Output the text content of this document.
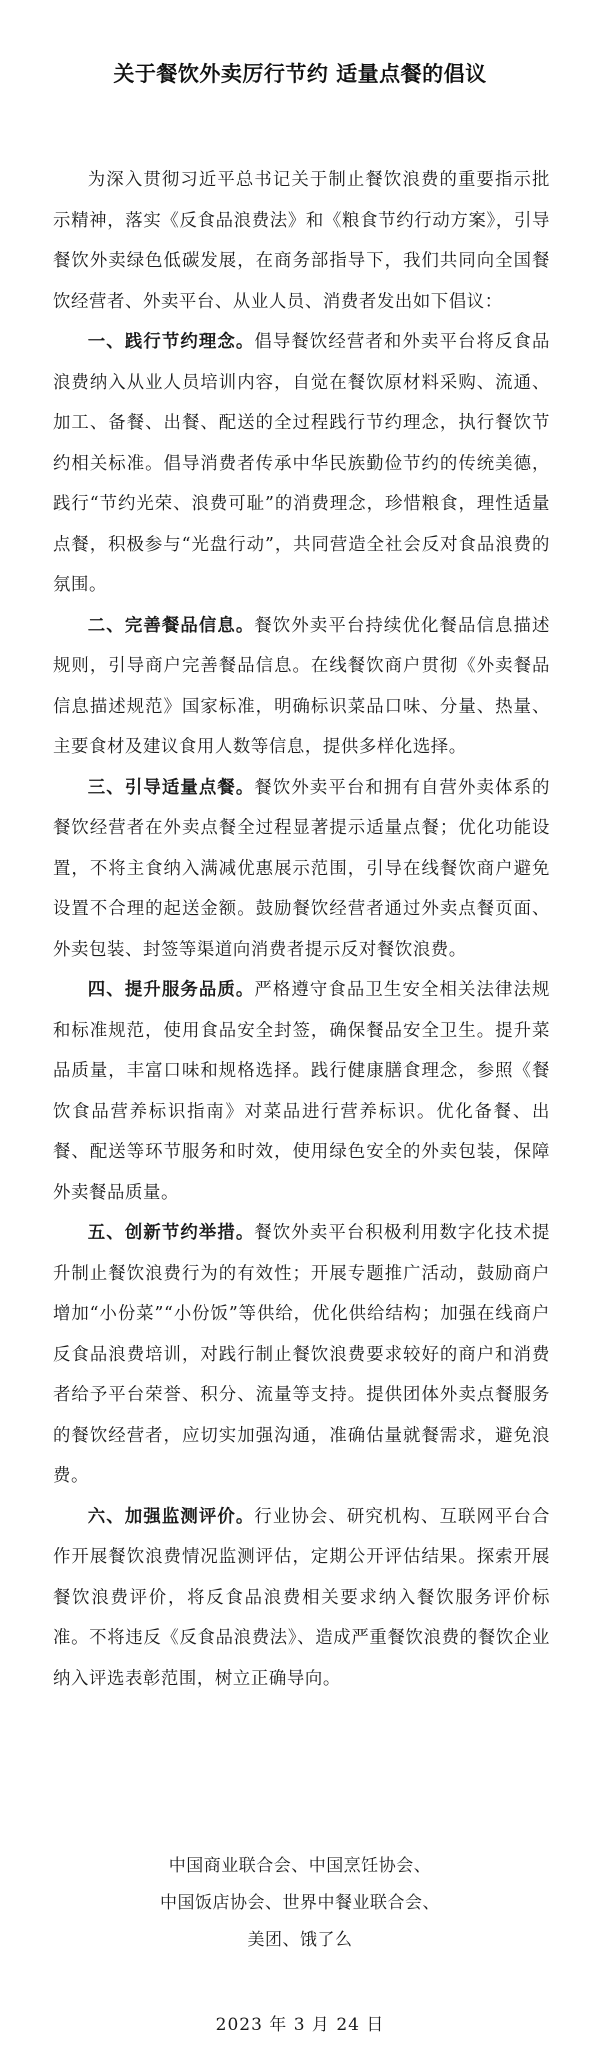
关于餐饮外卖厉行节约 适量点餐的倡议

为深入贯彻习近平总书记关于制止餐饮浪费的重要指示批示精神，落实《反食品浪费法》和《粮食节约行动方案》，引导餐饮外卖绿色低碳发展，在商务部指导下，我们共同向全国餐饮经营者、外卖平台、从业人员、消费者发出如下倡议：

一、践行节约理念。倡导餐饮经营者和外卖平台将反食品浪费纳入从业人员培训内容，自觉在餐饮原材料采购、流通、加工、备餐、出餐、配送的全过程践行节约理念，执行餐饮节约相关标准。倡导消费者传承中华民族勤俭节约的传统美德，践行“节约光荣、浪费可耻”的消费理念，珍惜粮食，理性适量点餐，积极参与“光盘行动”，共同营造全社会反对食品浪费的氛围。

二、完善餐品信息。餐饮外卖平台持续优化餐品信息描述规则，引导商户完善餐品信息。在线餐饮商户贯彻《外卖餐品信息描述规范》国家标准，明确标识菜品口味、分量、热量、主要食材及建议食用人数等信息，提供多样化选择。

三、引导适量点餐。餐饮外卖平台和拥有自营外卖体系的餐饮经营者在外卖点餐全过程显著提示适量点餐；优化功能设置，不将主食纳入满减优惠展示范围，引导在线餐饮商户避免设置不合理的起送金额。鼓励餐饮经营者通过外卖点餐页面、外卖包装、封签等渠道向消费者提示反对餐饮浪费。

四、提升服务品质。严格遵守食品卫生安全相关法律法规和标准规范，使用食品安全封签，确保餐品安全卫生。提升菜品质量，丰富口味和规格选择。践行健康膳食理念，参照《餐饮食品营养标识指南》对菜品进行营养标识。优化备餐、出餐、配送等环节服务和时效，使用绿色安全的外卖包装，保障外卖餐品质量。

五、创新节约举措。餐饮外卖平台积极利用数字化技术提升制止餐饮浪费行为的有效性；开展专题推广活动，鼓励商户增加“小份菜”“小份饭”等供给，优化供给结构；加强在线商户反食品浪费培训，对践行制止餐饮浪费要求较好的商户和消费者给予平台荣誉、积分、流量等支持。提供团体外卖点餐服务的餐饮经营者，应切实加强沟通，准确估量就餐需求，避免浪费。

六、加强监测评价。行业协会、研究机构、互联网平台合作开展餐饮浪费情况监测评估，定期公开评估结果。探索开展餐饮浪费评价，将反食品浪费相关要求纳入餐饮服务评价标准。不将违反《反食品浪费法》、造成严重餐饮浪费的餐饮企业纳入评选表彰范围，树立正确导向。

中国商业联合会、中国烹饪协会、
中国饭店协会、世界中餐业联合会、
美团、饿了么
2023 年 3 月 24 日
